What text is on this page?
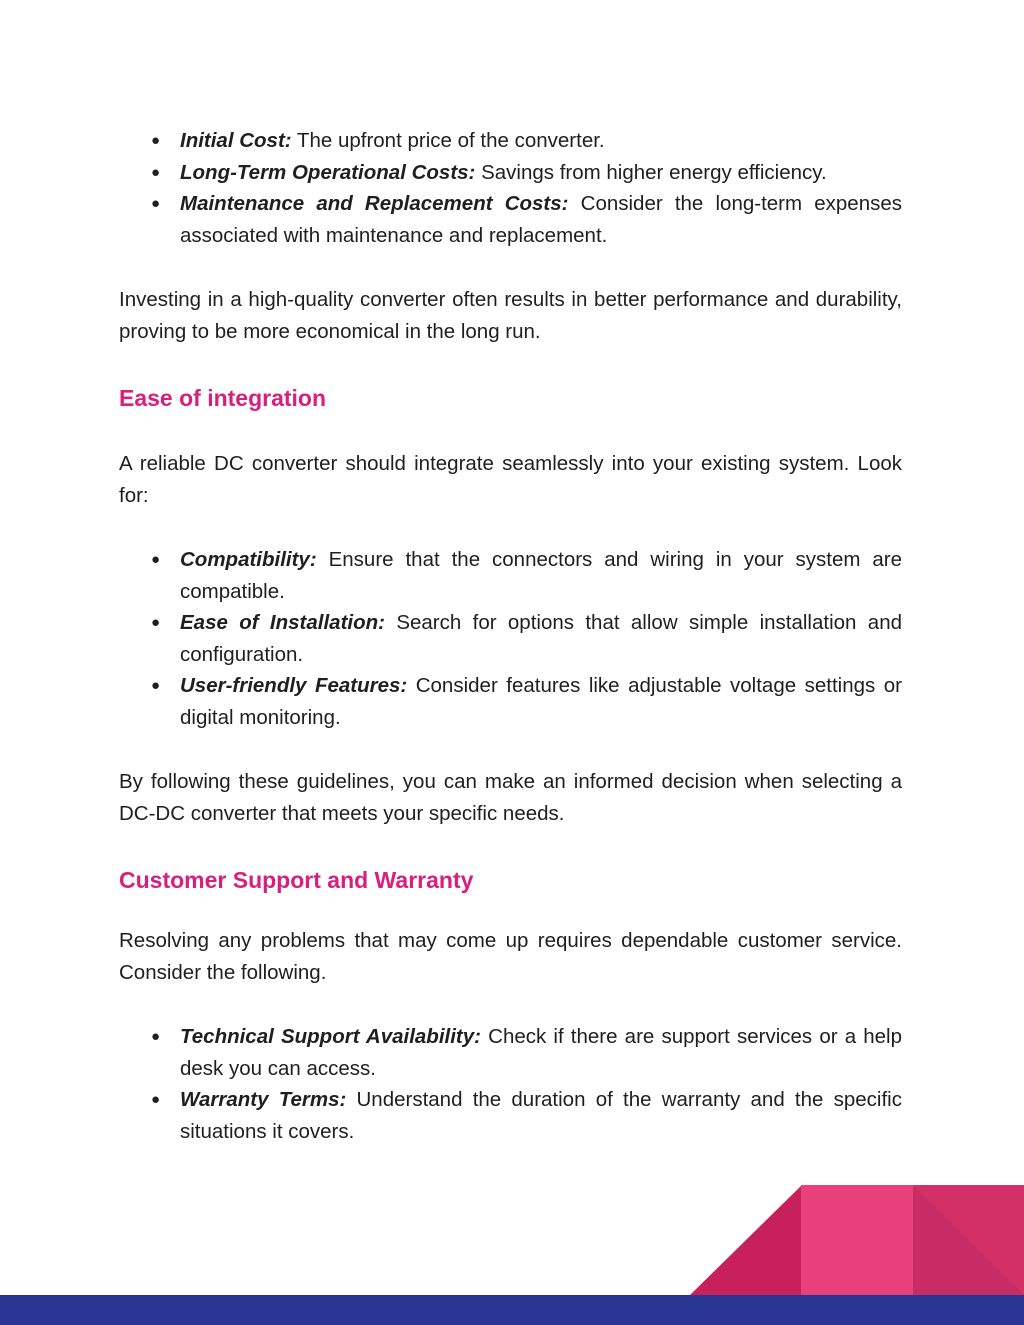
● Initial Cost: The upfront price of the converter.
● Long-Term Operational Costs: Savings from higher energy efficiency.
● Maintenance and Replacement Costs: Consider the long-term expenses associated with maintenance and replacement.

Investing in a high-quality converter often results in better performance and durability, proving to be more economical in the long run.

Ease of integration

A reliable DC converter should integrate seamlessly into your existing system. Look for:

● Compatibility: Ensure that the connectors and wiring in your system are compatible.
● Ease of Installation: Search for options that allow simple installation and configuration.
● User-friendly Features: Consider features like adjustable voltage settings or digital monitoring.

By following these guidelines, you can make an informed decision when selecting a DC-DC converter that meets your specific needs.

Customer Support and Warranty

Resolving any problems that may come up requires dependable customer service. Consider the following.

● Technical Support Availability: Check if there are support services or a help desk you can access.
● Warranty Terms: Understand the duration of the warranty and the specific situations it covers.
